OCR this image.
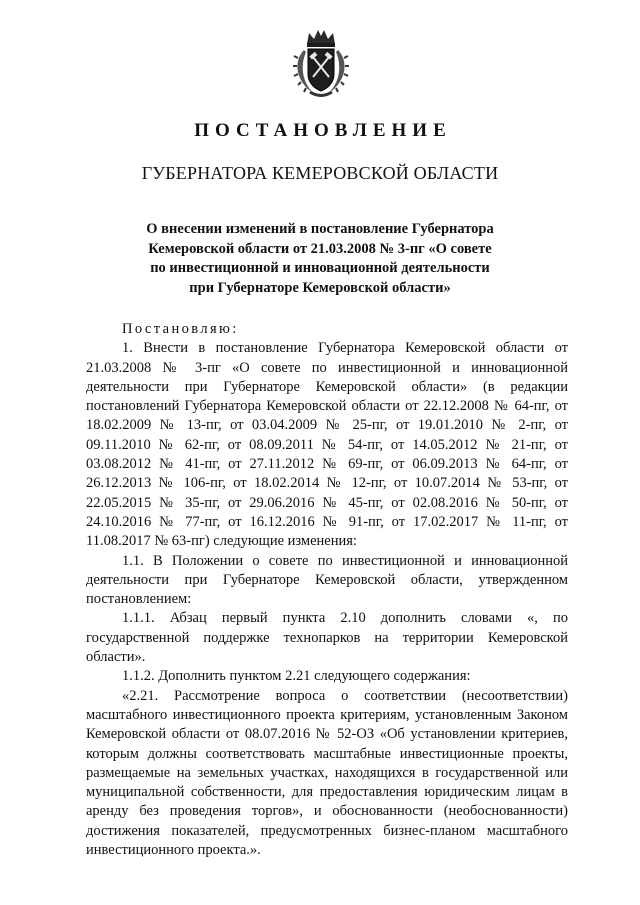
ПОСТАНОВЛЕНИЕ
ГУБЕРНАТОРА КЕМЕРОВСКОЙ ОБЛАСТИ
О внесении изменений в постановление Губернатора
Кемеровской области от 21.03.2008 № 3-пг «О совете
по инвестиционной и инновационной деятельности
при Губернаторе Кемеровской области»

Постановляю:

1. Внести в постановление Губернатора Кемеровской области от 21.03.2008 № 3-пг «О совете по инвестиционной и инновационной деятельности при Губернаторе Кемеровской области» (в редакции постановлений Губернатора Кемеровской области от 22.12.2008 № 64-пг, от 18.02.2009 № 13-пг, от 03.04.2009 № 25-пг, от 19.01.2010 № 2-пг, от 09.11.2010 № 62-пг, от 08.09.2011 № 54-пг, от 14.05.2012 № 21-пг, от 03.08.2012 № 41-пг, от 27.11.2012 № 69-пг, от 06.09.2013 № 64-пг, от 26.12.2013 № 106-пг, от 18.02.2014 № 12-пг, от 10.07.2014 № 53-пг, от 22.05.2015 № 35-пг, от 29.06.2016 № 45-пг, от 02.08.2016 № 50-пг, от 24.10.2016 № 77-пг, от 16.12.2016 № 91-пг, от 17.02.2017 № 11-пг, от 11.08.2017 № 63-пг) следующие изменения:

1.1. В Положении о совете по инвестиционной и инновационной деятельности при Губернаторе Кемеровской области, утвержденном постановлением:

1.1.1. Абзац первый пункта 2.10 дополнить словами «, по государственной поддержке технопарков на территории Кемеровской области».

1.1.2. Дополнить пунктом 2.21 следующего содержания:

«2.21. Рассмотрение вопроса о соответствии (несоответствии) масштабного инвестиционного проекта критериям, установленным Законом Кемеровской области от 08.07.2016 № 52-ОЗ «Об установлении критериев, которым должны соответствовать масштабные инвестиционные проекты, размещаемые на земельных участках, находящихся в государственной или муниципальной собственности, для предоставления юридическим лицам в аренду без проведения торгов», и обоснованности (необоснованности) достижения показателей, предусмотренных бизнес-планом масштабного инвестиционного проекта.».
